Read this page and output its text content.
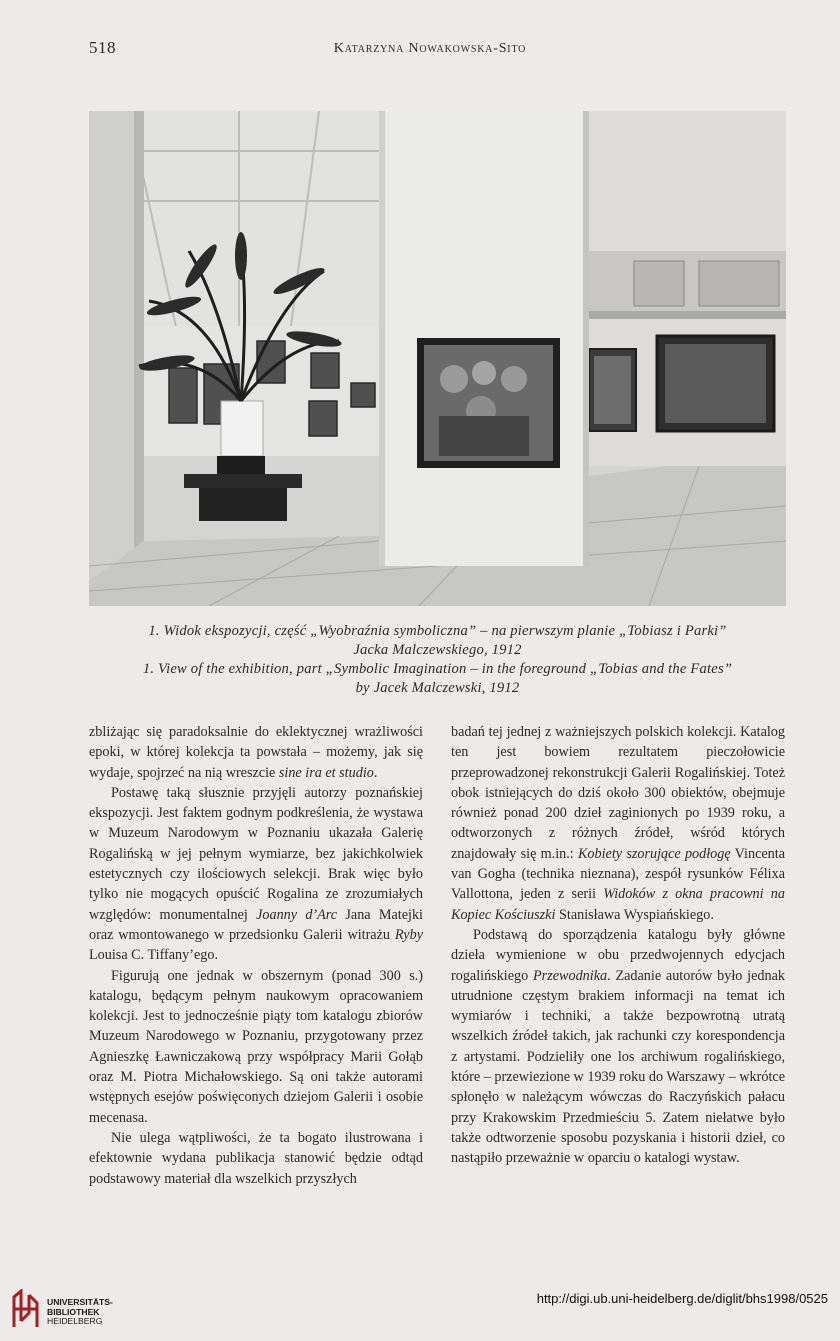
518	Katarzyna Nowakowska-Sito
1. Widok ekspozycji, część „Wyobraźnia symboliczna” – na pierwszym planie „Tobiasz i Parki”
Jacka Malczewskiego, 1912
1. View of the exhibition, part „Symbolic Imagination – in the foreground „Tobias and the Fates”
by Jacek Malczewski, 1912

zbliżając się paradoksalnie do eklektycznej wrażliwości epoki, w której kolekcja ta powstała – możemy, jak się wydaje, spojrzeć na nią wreszcie sine ira et studio.

Postawę taką słusznie przyjęli autorzy poznańskiej ekspozycji. Jest faktem godnym podkreślenia, że wystawa w Muzeum Narodowym w Poznaniu ukazała Galerię Rogalińską w jej pełnym wymiarze, bez jakichkolwiek estetycznych czy ilościowych selekcji. Brak więc było tylko nie mogących opuścić Rogalina ze zrozumiałych względów: monumentalnej Joanny d’Arc Jana Matejki oraz wmontowanego w przedsionku Galerii witrażu Ryby Louisa C. Tiffany’ego.

Figurują one jednak w obszernym (ponad 300 s.) katalogu, będącym pełnym naukowym opracowaniem kolekcji. Jest to jednocześnie piąty tom katalogu zbiorów Muzeum Narodowego w Poznaniu, przygotowany przez Agnieszkę Ławniczakową przy współpracy Marii Gołąb oraz M. Piotra Michałowskiego. Są oni także autorami wstępnych esejów poświęconych dziejom Galerii i osobie mecenasa.

Nie ulega wątpliwości, że ta bogato ilustrowana i efektownie wydana publikacja stanowić będzie odtąd podstawowy materiał dla wszelkich przyszłych

badań tej jednej z ważniejszych polskich kolekcji. Katalog ten jest bowiem rezultatem pieczołowicie przeprowadzonej rekonstrukcji Galerii Rogalińskiej. Toteż obok istniejących do dziś około 300 obiektów, obejmuje również ponad 200 dzieł zaginionych po 1939 roku, a odtworzonych z różnych źródeł, wśród których znajdowały się m.in.: Kobiety szorujące podłogę Vincenta van Gogha (technika nieznana), zespół rysunków Félixa Vallottona, jeden z serii Widoków z okna pracowni na Kopiec Kościuszki Stanisława Wyspiańskiego.

Podstawą do sporządzenia katalogu były główne dzieła wymienione w obu przedwojennych edycjach rogalińskiego Przewodnika. Zadanie autorów było jednak utrudnione częstym brakiem informacji na temat ich wymiarów i techniki, a także bezpowrotną utratą wszelkich źródeł takich, jak rachunki czy korespondencja z artystami. Podzieliły one los archiwum rogalińskiego, które – przewiezione w 1939 roku do Warszawy – wkrótce spłonęło w należącym wówczas do Raczyńskich pałacu przy Krakowskim Przedmieściu 5. Zatem niełatwe było także odtworzenie sposobu pozyskania i historii dzieł, co nastąpiło przeważnie w oparciu o katalogi wystaw.

UNIVERSITÄTS-
BIBLIOTHEK
HEIDELBERG
http://digi.ub.uni-heidelberg.de/diglit/bhs1998/0525
